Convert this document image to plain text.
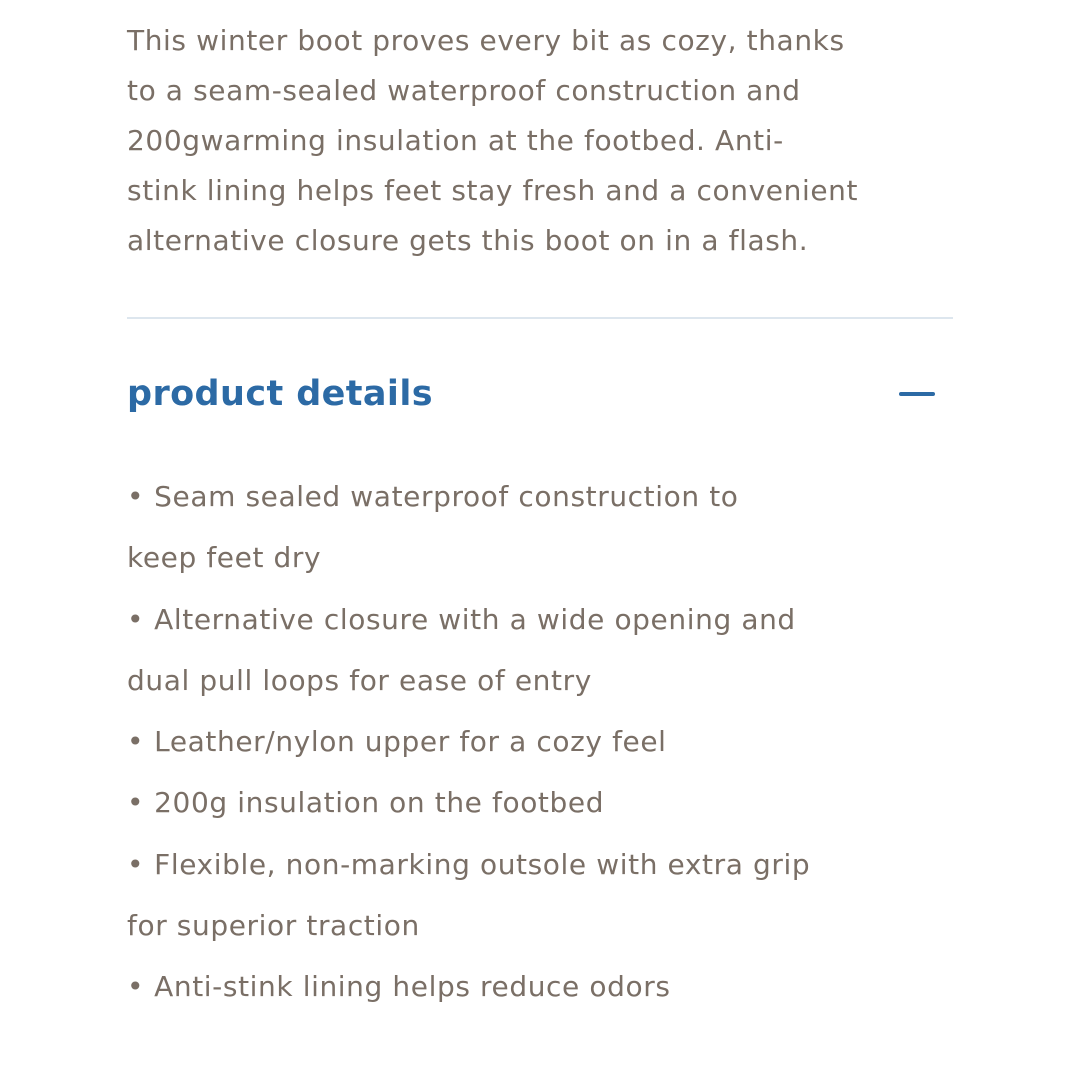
This winter boot proves every bit as cozy, thanks
to a seam-sealed waterproof construction and
200gwarming insulation at the footbed. Anti-
stink lining helps feet stay fresh and a convenient
alternative closure gets this boot on in a flash.

product details
• Seam sealed waterproof construction to
keep feet dry
• Alternative closure with a wide opening and
dual pull loops for ease of entry
• Leather/nylon upper for a cozy feel
• 200g insulation on the footbed
• Flexible, non-marking outsole with extra grip
for superior traction
• Anti-stink lining helps reduce odors
